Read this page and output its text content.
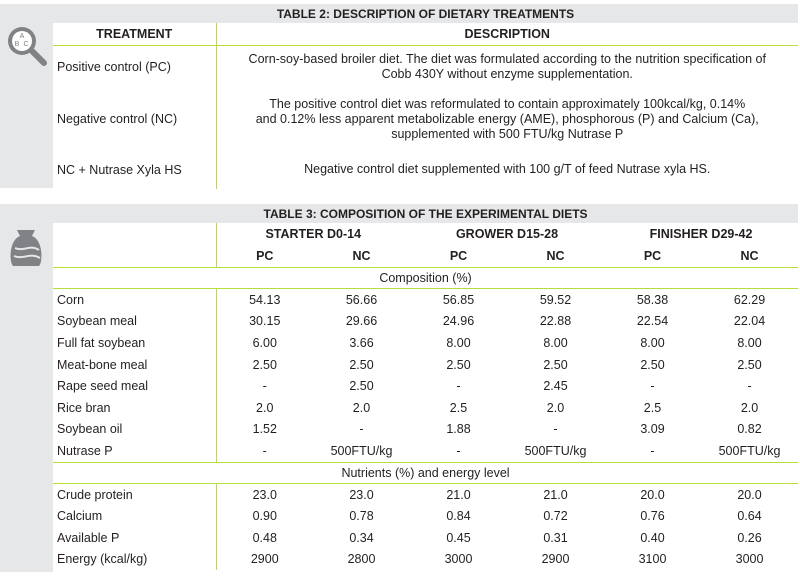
A
B C
TABLE 2: DESCRIPTION OF DIETARY TREATMENTS	
TREATMENT	DESCRIPTION
Positive control (PC)	Corn-soy-based broiler diet. The diet was formulated according to the nutrition specification of
Cobb 430Y without enzyme supplementation.

Negative control (NC)	The positive control diet was reformulated to contain approximately 100kcal/kg, 0.14%
and 0.12% less apparent metabolizable energy (AME), phosphorous (P) and Calcium (Ca),
supplemented with 500 FTU/kg Nutrase P

NC + Nutrase Xyla HS	Negative control diet supplemented with 100 g/T of feed Nutrase xyla HS.
TABLE 3: COMPOSITION OF THE EXPERIMENTAL DIETS						
	STARTER D0-14		GROWER D15-28		FINISHER D29-42	
	PC	NC	PC	NC	PC	NC
Composition (%)						
Corn	54.13	56.66	56.85	59.52	58.38	62.29
Soybean meal	30.15	29.66	24.96	22.88	22.54	22.04
Full fat soybean	6.00	3.66	8.00	8.00	8.00	8.00
Meat-bone meal	2.50	2.50	2.50	2.50	2.50	2.50
Rape seed meal	-	2.50	-	2.45	-	-
Rice bran	2.0	2.0	2.5	2.0	2.5	2.0
Soybean oil	1.52	-	1.88	-	3.09	0.82
Nutrase P	-	500FTU/kg	-	500FTU/kg	-	500FTU/kg
Nutrients (%) and energy level						
Crude protein	23.0	23.0	21.0	21.0	20.0	20.0
Calcium	0.90	0.78	0.84	0.72	0.76	0.64
Available P	0.48	0.34	0.45	0.31	0.40	0.26
Energy (kcal/kg)	2900	2800	3000	2900	3100	3000
